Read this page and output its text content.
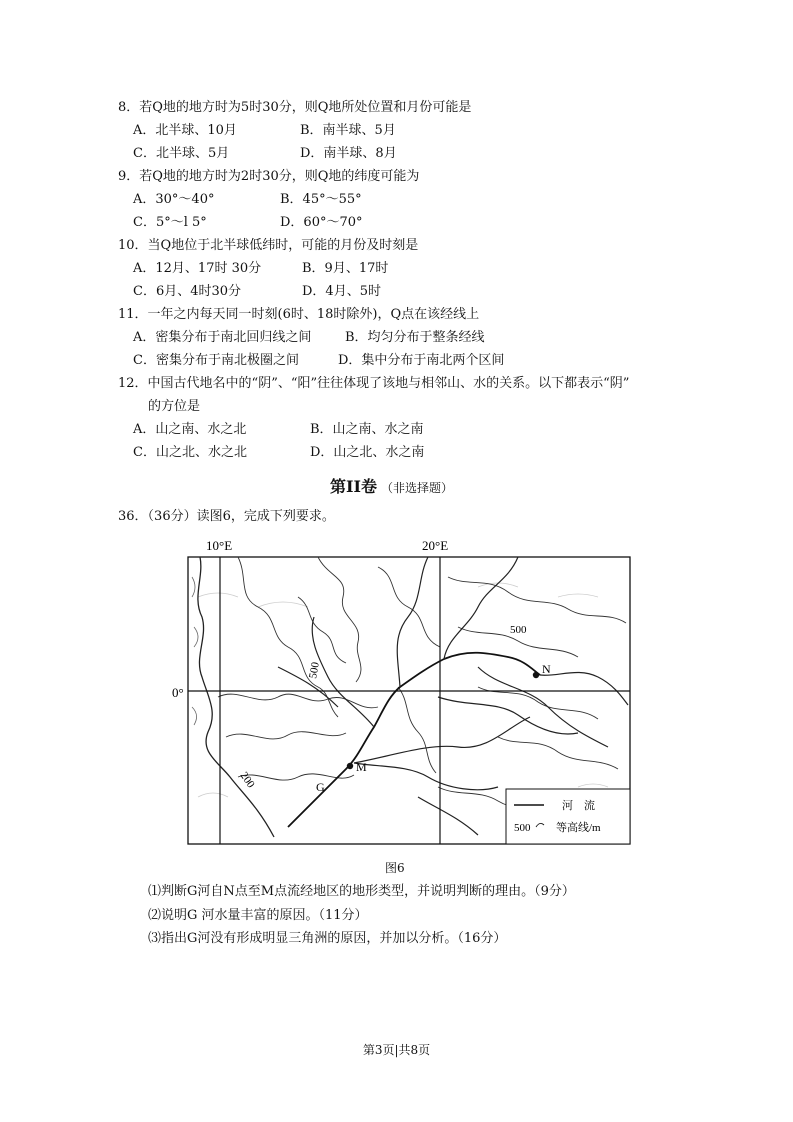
8．若Q地的地方时为5时30分，则Q地所处位置和月份可能是
A．北半球、10月	B．南半球、5月
C．北半球、5月	D．南半球、8月
9．若Q地的地方时为2时30分，则Q地的纬度可能为
A．30°～40°	B．45°～55°
C．5°～l 5°	D．60°～70°
10．当Q地位于北半球低纬时，可能的月份及时刻是
A．12月、17时 30分	B．9月、17时
C．6月、4时30分	D．4月、5时
11．一年之内每天同一时刻(6时、18时除外)，Q点在该经线上
A．密集分布于南北回归线之间	B．均匀分布于整条经线
C．密集分布于南北极圈之间	D．集中分布于南北两个区间
12．中国古代地名中的“阴”、“阳”往往体现了该地与相邻山、水的关系。以下都表示“阴”
的方位是
A．山之南、水之北	B．山之南、水之南
C．山之北、水之北	D．山之北、水之南
第II卷 （非选择题）
36．（36分）读图6，完成下列要求。
10°E	20°E
0°
500
500
200
N
M
G
河　流
500 等高线/m
图6
⑴判断G河自N点至M点流经地区的地形类型，并说明判断的理由。（9分）
⑵说明G 河水量丰富的原因。（11分）
⑶指出G河没有形成明显三角洲的原因，并加以分析。（16分）
第3页|共8页
